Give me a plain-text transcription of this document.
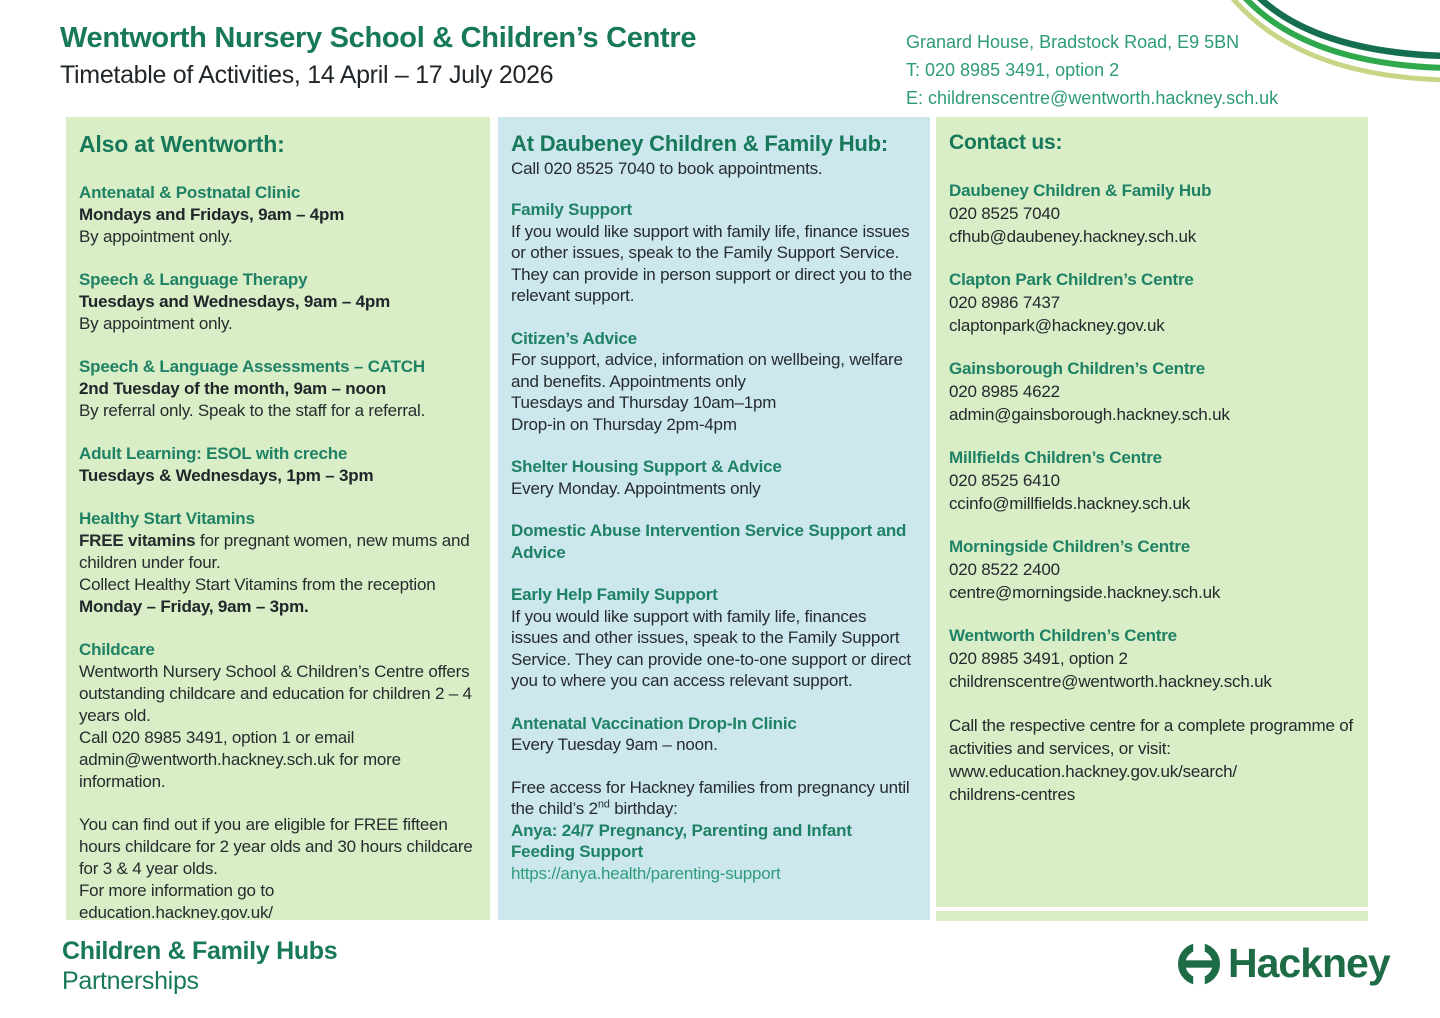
Wentworth Nursery School & Children’s Centre
Timetable of Activities, 14 April – 17 July 2026
Granard House, Bradstock Road, E9 5BN
T: 020 8985 3491, option 2
E: childrenscentre@wentworth.hackney.sch.uk
Also at Wentworth:
Antenatal & Postnatal Clinic
Mondays and Fridays, 9am – 4pm
By appointment only.
Speech & Language Therapy
Tuesdays and Wednesdays, 9am – 4pm
By appointment only.
Speech & Language Assessments – CATCH
2nd Tuesday of the month, 9am – noon
By referral only. Speak to the staff for a referral.
Adult Learning: ESOL with creche
Tuesdays & Wednesdays, 1pm – 3pm
Healthy Start Vitamins
FREE vitamins for pregnant women, new mums and children under four.
Collect Healthy Start Vitamins from the reception
Monday – Friday, 9am – 3pm.
Childcare
Wentworth Nursery School & Children’s Centre offers outstanding childcare and education for children 2 – 4 years old.
Call 020 8985 3491, option 1 or email admin@wentworth.hackney.sch.uk for more information.
You can find out if you are eligible for FREE fifteen hours childcare for 2 year olds and 30 hours childcare for 3 & 4 year olds.
For more information go to
education.hackney.gov.uk/
At Daubeney Children & Family Hub:
Call 020 8525 7040 to book appointments.
Family Support
If you would like support with family life, finance issues or other issues, speak to the Family Support Service. They can provide in person support or direct you to the relevant support.
Citizen’s Advice
For support, advice, information on wellbeing, welfare and benefits. Appointments only
Tuesdays and Thursday 10am–1pm
Drop-in on Thursday 2pm-4pm
Shelter Housing Support & Advice
Every Monday. Appointments only
Domestic Abuse Intervention Service Support and Advice
Early Help Family Support
If you would like support with family life, finances issues and other issues, speak to the Family Support Service. They can provide one-to-one support or direct you to where you can access relevant support.
Antenatal Vaccination Drop-In Clinic
Every Tuesday 9am – noon.
Free access for Hackney families from pregnancy until the child’s 2nd birthday:
Anya: 24/7 Pregnancy, Parenting and Infant Feeding Support
https://anya.health/parenting-support
Contact us:
Daubeney Children & Family Hub
020 8525 7040
cfhub@daubeney.hackney.sch.uk
Clapton Park Children’s Centre
020 8986 7437
claptonpark@hackney.gov.uk
Gainsborough Children’s Centre
020 8985 4622
admin@gainsborough.hackney.sch.uk
Millfields Children’s Centre
020 8525 6410
ccinfo@millfields.hackney.sch.uk
Morningside Children’s Centre
020 8522 2400
centre@morningside.hackney.sch.uk
Wentworth Children’s Centre
020 8985 3491, option 2
childrenscentre@wentworth.hackney.sch.uk
Call the respective centre for a complete programme of activities and services, or visit:
www.education.hackney.gov.uk/search/
childrens-centres
Children & Family Hubs
Partnerships	Hackney
